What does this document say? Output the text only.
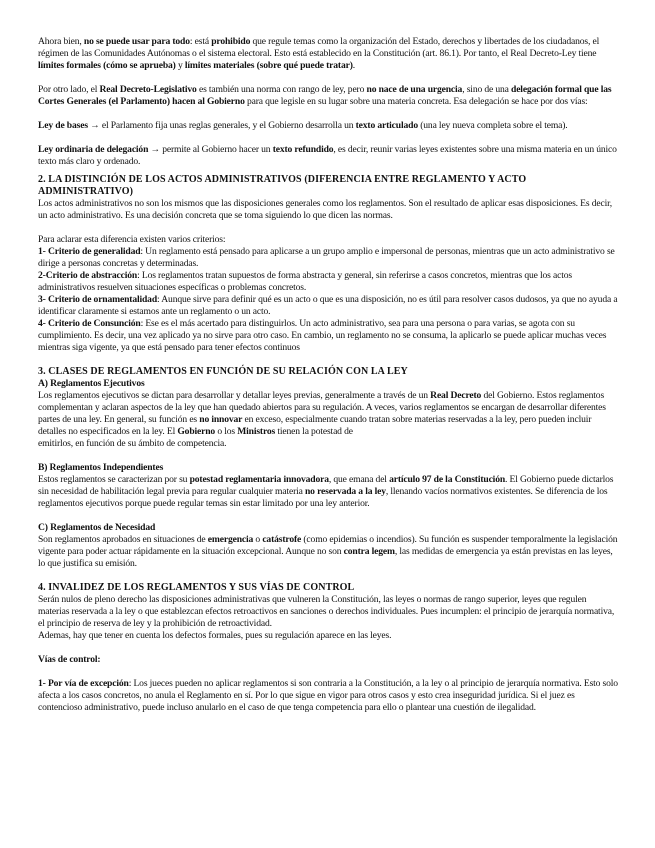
Ahora bien, no se puede usar para todo: está prohibido que regule temas como la organización del Estado, derechos y libertades de los ciudadanos, el régimen de las Comunidades Autónomas o el sistema electoral. Esto está establecido en la Constitución (art. 86.1). Por tanto, el Real Decreto-Ley tiene límites formales (cómo se aprueba) y límites materiales (sobre qué puede tratar).

Por otro lado, el Real Decreto-Legislativo es también una norma con rango de ley, pero no nace de una urgencia, sino de una delegación formal que las Cortes Generales (el Parlamento) hacen al Gobierno para que legisle en su lugar sobre una materia concreta. Esa delegación se hace por dos vías:

Ley de bases → el Parlamento fija unas reglas generales, y el Gobierno desarrolla un texto articulado (una ley nueva completa sobre el tema).

Ley ordinaria de delegación → permite al Gobierno hacer un texto refundido, es decir, reunir varias leyes existentes sobre una misma materia en un único texto más claro y ordenado.

2. LA DISTINCIÓN DE LOS ACTOS ADMINISTRATIVOS (DIFERENCIA ENTRE REGLAMENTO Y ACTO ADMINISTRATIVO)

Los actos administrativos no son los mismos que las disposiciones generales como los reglamentos. Son el resultado de aplicar esas disposiciones. Es decir, un acto administrativo. Es una decisión concreta que se toma siguiendo lo que dicen las normas.

Para aclarar esta diferencia existen varios criterios:

1- Criterio de generalidad: Un reglamento está pensado para aplicarse a un grupo amplio e impersonal de personas, mientras que un acto administrativo se dirige a personas concretas y determinadas.

2-Criterio de abstracción: Los reglamentos tratan supuestos de forma abstracta y general, sin referirse a casos concretos, mientras que los actos administrativos resuelven situaciones específicas o problemas concretos.

3- Criterio de ornamentalidad: Aunque sirve para definir qué es un acto o que es una disposición, no es útil para resolver casos dudosos, ya que no ayuda a identificar claramente si estamos ante un reglamento o un acto.

4- Criterio de Consunción: Ese es el más acertado para distinguirlos. Un acto administrativo, sea para una persona o para varias, se agota con su cumplimiento. Es decir, una vez aplicado ya no sirve para otro caso. En cambio, un reglamento no se consuma, la aplicarlo se puede aplicar muchas veces mientras siga vigente, ya que está pensado para tener efectos continuos

3. CLASES DE REGLAMENTOS EN FUNCIÓN DE SU RELACIÓN CON LA LEY
A) Reglamentos Ejecutivos

Los reglamentos ejecutivos se dictan para desarrollar y detallar leyes previas, generalmente a través de un Real Decreto del Gobierno. Estos reglamentos complementan y aclaran aspectos de la ley que han quedado abiertos para su regulación. A veces, varios reglamentos se encargan de desarrollar diferentes partes de una ley. En general, su función es no innovar en exceso, especialmente cuando tratan sobre materias reservadas a la ley, pero pueden incluir detalles no especificados en la ley. El Gobierno o los Ministros tienen la potestad de

emitirlos, en función de su ámbito de competencia.

B) Reglamentos Independientes

Estos reglamentos se caracterizan por su potestad reglamentaria innovadora, que emana del artículo 97 de la Constitución. El Gobierno puede dictarlos sin necesidad de habilitación legal previa para regular cualquier materia no reservada a la ley, llenando vacíos normativos existentes. Se diferencia de los reglamentos ejecutivos porque puede regular temas sin estar limitado por una ley anterior.

C) Reglamentos de Necesidad

Son reglamentos aprobados en situaciones de emergencia o catástrofe (como epidemias o incendios). Su función es suspender temporalmente la legislación vigente para poder actuar rápidamente en la situación excepcional. Aunque no son contra legem, las medidas de emergencia ya están previstas en las leyes, lo que justifica su emisión.

4. INVALIDEZ DE LOS REGLAMENTOS Y SUS VÍAS DE CONTROL

Serán nulos de pleno derecho las disposiciones administrativas que vulneren la Constitución, las leyes o normas de rango superior, leyes que regulen materias reservada a la ley o que establezcan efectos retroactivos en sanciones o derechos individuales. Pues incumplen: el principio de jerarquía normativa, el principio de reserva de ley y la prohibición de retroactividad.

Ademas, hay que tener en cuenta los defectos formales, pues su regulación aparece en las leyes.

Vías de control:

1- Por vía de excepción: Los jueces pueden no aplicar reglamentos si son contraria a la Constitución, a la ley o al principio de jerarquía normativa. Esto solo afecta a los casos concretos, no anula el Reglamento en sí. Por lo que sigue en vigor para otros casos y esto crea inseguridad jurídica. Si el juez es contencioso administrativo, puede incluso anularlo en el caso de que tenga competencia para ello o plantear una cuestión de ilegalidad.
